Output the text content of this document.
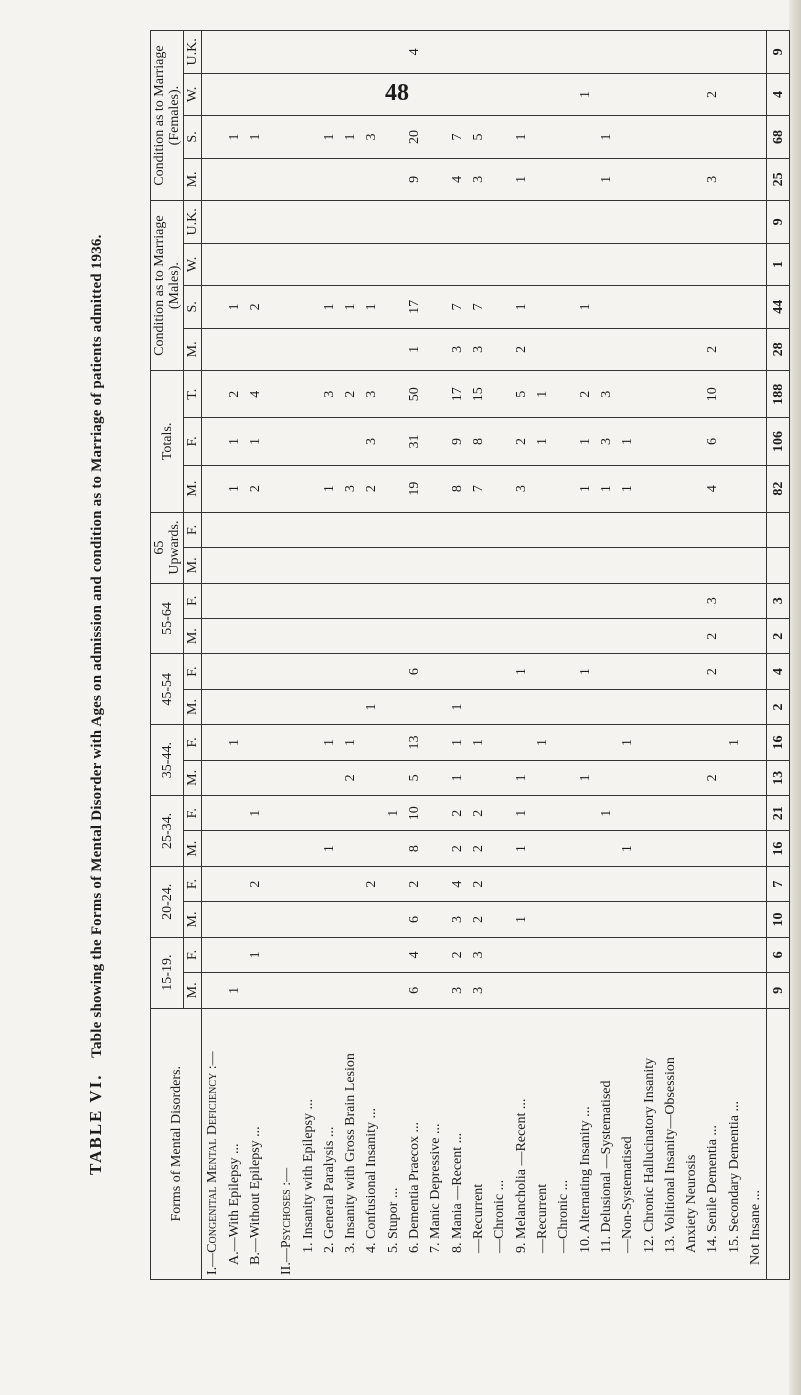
48
TABLE VI. Table showing the Forms of Mental Disorder with Ages on admission and condition as to Marriage of patients admitted 1936.
Forms of Mental Disorders.	15-19.		20-24.		25-34.		35-44.		45-54		55-64		65 Upwards.		Totals.			Condition as to Marriage (Males).				Condition as to Marriage (Females).			
	M.	F.	M.	F.	M.	F.	M.	F.	M.	F.	M.	F.	M.	F.	M.	F.	T.	M.	S.	W.	U.K.	M.	S.	W.	U.K.
I.—Congenital Mental Deficiency :—																									
A.—With Epilepsy ...	1							1							1	1	2		1				1		
B.—Without Epilepsy ...		1		2		1									2	1	4		2				1		

II.—Psychoses :—																									
1. Insanity with Epilepsy ...																									
2. General Paralysis ...					1			1							1		3		1				1		
3. Insanity with Gross Brain Lesion							2	1							3		2		1				1		
4. Confusional Insanity ...				2					1						2	3	3		1				3		
5. Stupor ...						1																			
6. Dementia Praecox ...	6	4	6	2	8	10	5	13		6					19	31	50	1	17			9	20		4
7. Manic Depressive ...																									
8. Mania —Recent ...	3	2	3	4	2	2	1	1	1						8	9	17	3	7			4	7		
—Recurrent	3	3	2	2	2	2		1							7	8	15	3	7			3	5		
—Chronic ...																									
9. Melancholia —Recent ...			1		1	1	1			1					3	2	5	2	1			1	1		
—Recurrent								1								1	1								
—Chronic ...																									
10. Alternating Insanity ...							1			1					1	1	2		1					1	
11. Delusional —Systematised						1									1	3	3					1	1		
—Non-Systematised					1			1							1	1									
12. Chronic Hallucinatory Insanity																									
13. Volitional Insanity—Obsession																									
Anxiety Neurosis																									
14. Senile Dementia ...							2			2	2	3			4	6	10	2				3		2	
15. Secondary Dementia ...								1																	
Not Insane ...																									
	9	6	10	7	16	21	13	16	2	4	2	3			82	106	188	28	44	1	9	25	68	4	9
